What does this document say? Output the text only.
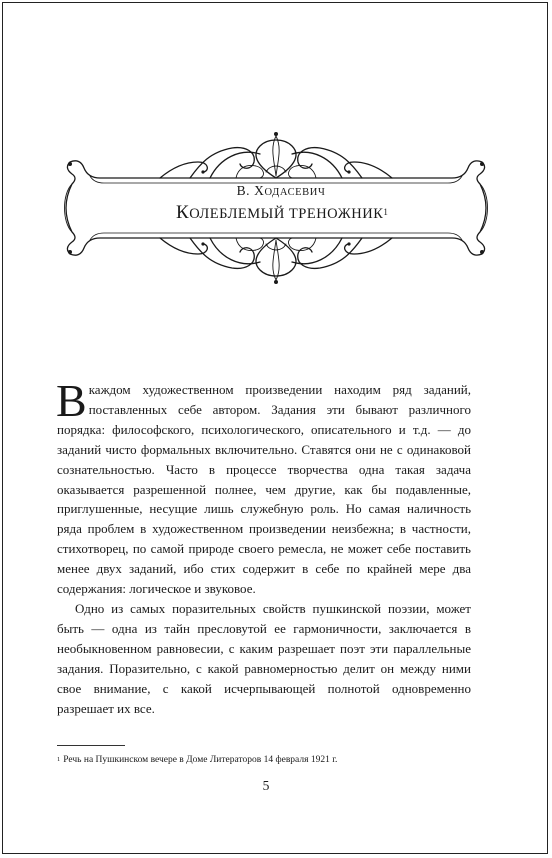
В. ХОДАСЕВИЧ
КОЛЕБЛЕМЫЙ ТРЕНОЖНИК$^1$

В каждом художественном произведении находим ряд заданий, поставленных себе автором. Задания эти бывают различного порядка: философского, психологического, описательного и т.д. — до заданий чисто формальных включительно. Ставятся они не с одинаковой сознательностью. Часто в процессе творчества одна такая задача оказывается разрешенной полнее, чем другие, как бы подавленные, приглушенные, несущие лишь служебную роль. Но самая наличность ряда проблем в художественном произведении неизбежна; в частности, стихотворец, по самой природе своего ремесла, не может себе поставить менее двух заданий, ибо стих содержит в себе по крайней мере два содержания: логическое и звуковое.

Одно из самых поразительных свойств пушкинской поэзии, может быть — одна из тайн пресловутой ее гармоничности, заключается в необыкновенном равновесии, с каким разрешает поэт эти параллельные задания. Поразительно, с какой равномерностью делит он между ними свое внимание, с какой исчерпывающей полнотой одновременно разрешает их все.

$^1$ Речь на Пушкинском вечере в Доме Литераторов 14 февраля 1921 г.
5
